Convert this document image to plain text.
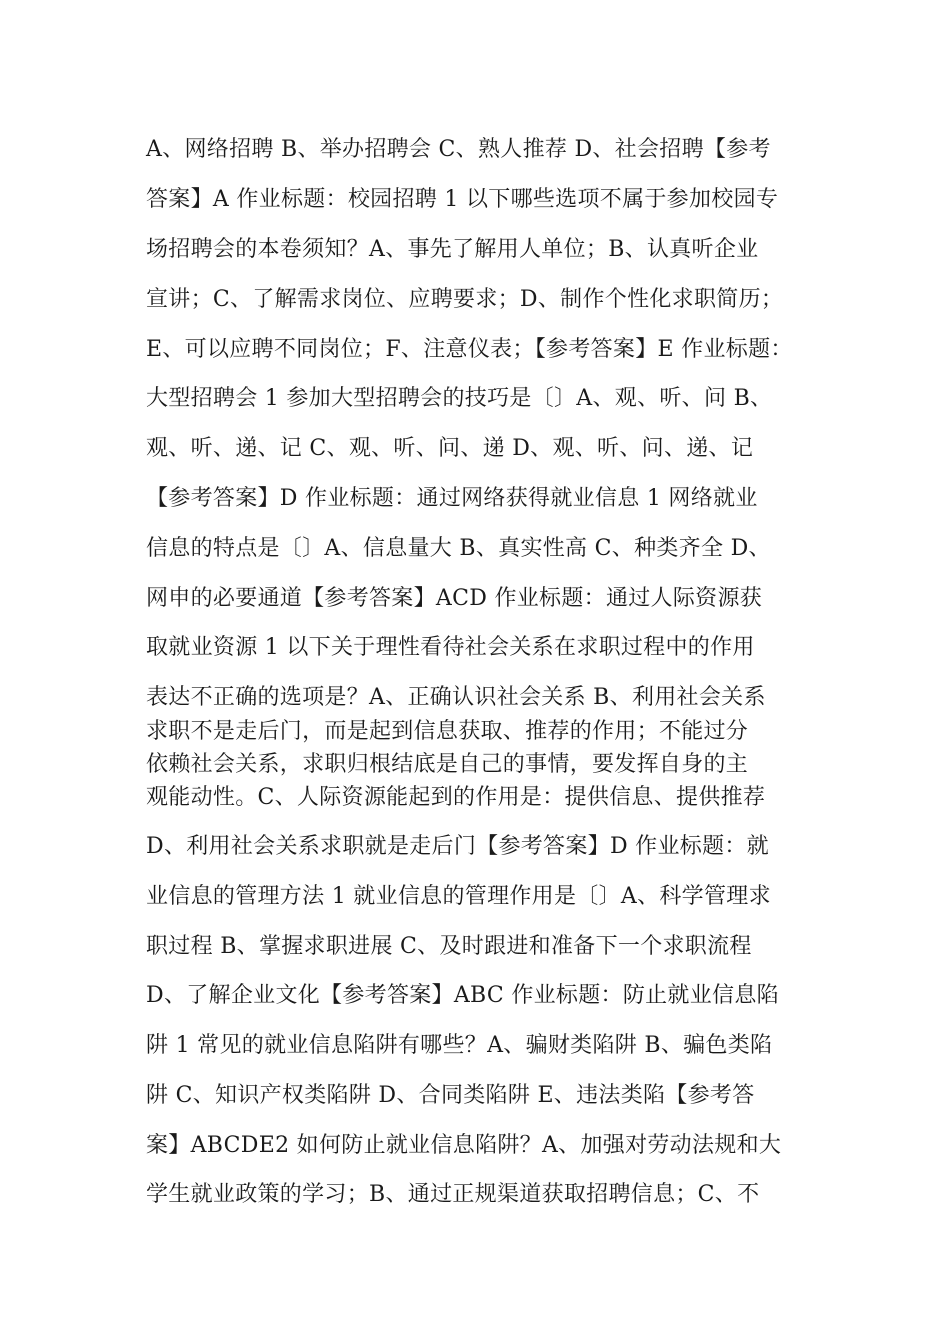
A、网络招聘 B、举办招聘会 C、熟人推荐 D、社会招聘【参考
答案】A 作业标题：校园招聘 1 以下哪些选项不属于参加校园专
场招聘会的本卷须知？A、事先了解用人单位；B、认真听企业
宣讲；C、了解需求岗位、应聘要求；D、制作个性化求职简历；
E、可以应聘不同岗位；F、注意仪表；【参考答案】E 作业标题：
大型招聘会 1 参加大型招聘会的技巧是〔〕A、观、听、问 B、
观、听、递、记 C、观、听、问、递 D、观、听、问、递、记
【参考答案】D 作业标题：通过网络获得就业信息 1 网络就业
信息的特点是〔〕A、信息量大 B、真实性高 C、种类齐全 D、
网申的必要通道【参考答案】ACD 作业标题：通过人际资源获
取就业资源 1 以下关于理性看待社会关系在求职过程中的作用
表达不正确的选项是？A、正确认识社会关系 B、利用社会关系
求职不是走后门，而是起到信息获取、推荐的作用；不能过分
依赖社会关系，求职归根结底是自己的事情，要发挥自身的主
观能动性。C、人际资源能起到的作用是：提供信息、提供推荐
D、利用社会关系求职就是走后门【参考答案】D 作业标题：就
业信息的管理方法 1 就业信息的管理作用是〔〕A、科学管理求
职过程 B、掌握求职进展 C、及时跟进和准备下一个求职流程
D、了解企业文化【参考答案】ABC 作业标题：防止就业信息陷
阱 1 常见的就业信息陷阱有哪些？A、骗财类陷阱 B、骗色类陷
阱 C、知识产权类陷阱 D、合同类陷阱 E、违法类陷【参考答
案】ABCDE2 如何防止就业信息陷阱？A、加强对劳动法规和大
学生就业政策的学习；B、通过正规渠道获取招聘信息；C、不
